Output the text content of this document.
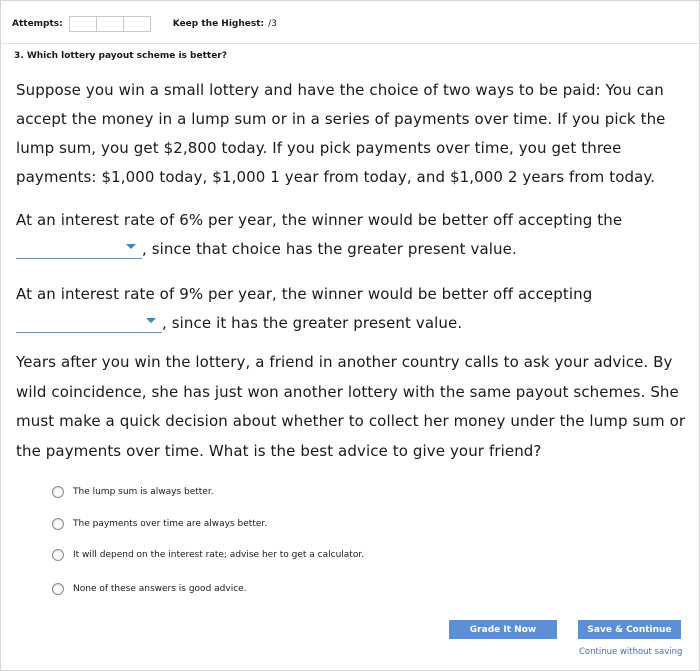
Attempts:	Keep the Highest: /3
3. Which lottery payout scheme is better?
Suppose you win a small lottery and have the choice of two ways to be paid: You can accept the money in a lump sum or in a series of payments over time. If you pick the lump sum, you get $2,800 today. If you pick payments over time, you get three payments: $1,000 today, $1,000 1 year from today, and $1,000 2 years from today.
At an interest rate of 6% per year, the winner would be better off accepting the

, since that choice has the greater present value.
At an interest rate of 9% per year, the winner would be better off accepting

, since it has the greater present value.
Years after you win the lottery, a friend in another country calls to ask your advice. By wild coincidence, she has just won another lottery with the same payout schemes. She must make a quick decision about whether to collect her money under the lump sum or the payments over time. What is the best advice to give your friend?
The lump sum is always better.
The payments over time are always better.
It will depend on the interest rate; advise her to get a calculator.
None of these answers is good advice.
Grade It Now	Save & Continue
Continue without saving
